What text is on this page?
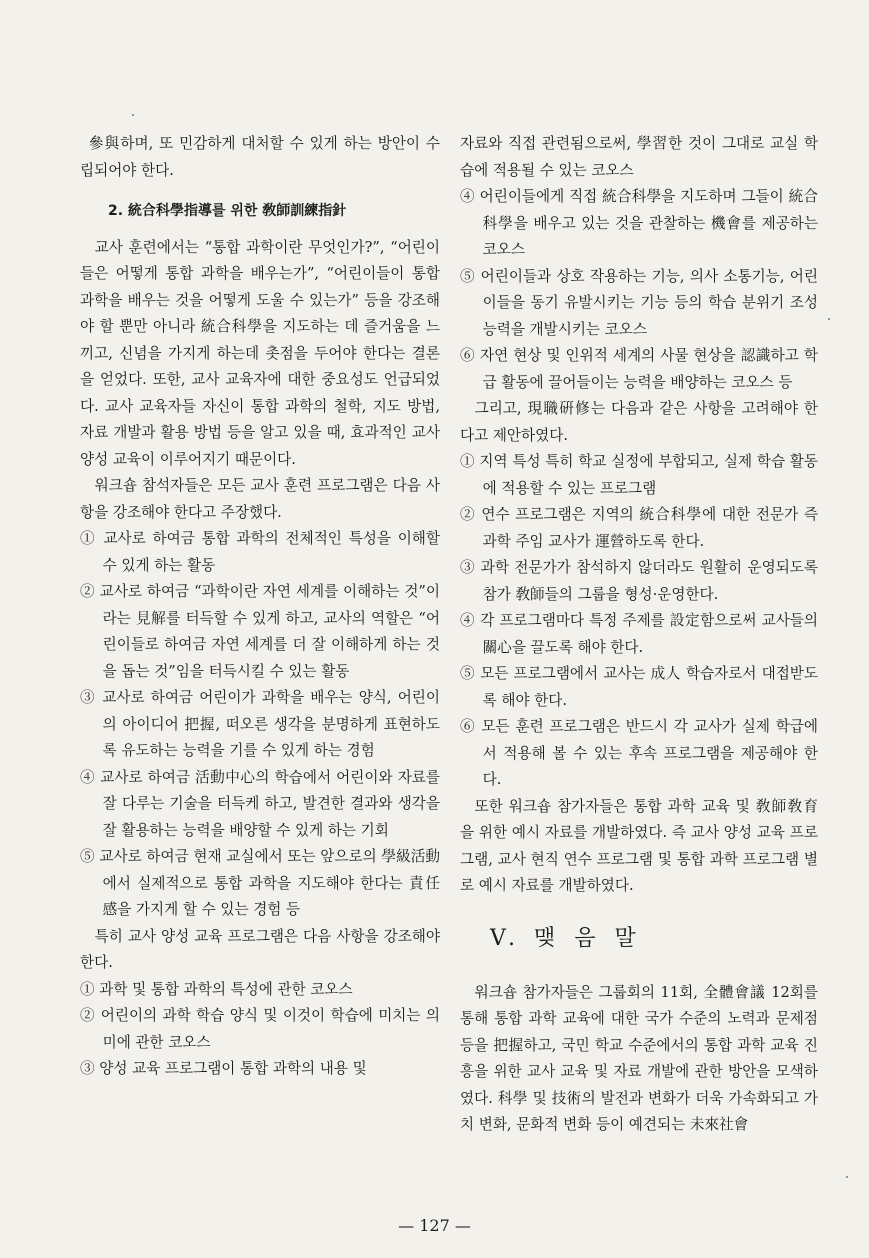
參與하며, 또 민감하게 대처할 수 있게 하는 방안이 수립되어야 한다.

2. 統合科學指導를 위한 敎師訓練指針

교사 훈련에서는 “통합 과학이란 무엇인가?”, “어린이들은 어떻게 통합 과학을 배우는가”, “어린이들이 통합 과학을 배우는 것을 어떻게 도울 수 있는가” 등을 강조해야 할 뿐만 아니라 統合科學을 지도하는 데 즐거움을 느끼고, 신념을 가지게 하는데 촛점을 두어야 한다는 결론을 얻었다. 또한, 교사 교육자에 대한 중요성도 언급되었다. 교사 교육자들 자신이 통합 과학의 철학, 지도 방법, 자료 개발과 활용 방법 등을 알고 있을 때, 효과적인 교사 양성 교육이 이루어지기 때문이다.

워크숍 참석자들은 모든 교사 훈련 프로그램은 다음 사항을 강조해야 한다고 주장했다.

① 교사로 하여금 통합 과학의 전체적인 특성을 이해할 수 있게 하는 활동
② 교사로 하여금 “과학이란 자연 세계를 이해하는 것”이라는 見解를 터득할 수 있게 하고, 교사의 역할은 “어린이들로 하여금 자연 세계를 더 잘 이해하게 하는 것을 돕는 것”임을 터득시킬 수 있는 활동
③ 교사로 하여금 어린이가 과학을 배우는 양식, 어린이의 아이디어 把握, 떠오른 생각을 분명하게 표현하도록 유도하는 능력을 기를 수 있게 하는 경험
④ 교사로 하여금 活動中心의 학습에서 어린이와 자료를 잘 다루는 기술을 터득케 하고, 발견한 결과와 생각을 잘 활용하는 능력을 배양할 수 있게 하는 기회
⑤ 교사로 하여금 현재 교실에서 또는 앞으로의 學級活動에서 실제적으로 통합 과학을 지도해야 한다는 責任感을 가지게 할 수 있는 경험 등

특히 교사 양성 교육 프로그램은 다음 사항을 강조해야 한다.

① 과학 및 통합 과학의 특성에 관한 코오스
② 어린이의 과학 학습 양식 및 이것이 학습에 미치는 의미에 관한 코오스
③ 양성 교육 프로그램이 통합 과학의 내용 및

자료와 직접 관련됨으로써, 學習한 것이 그대로 교실 학습에 적용될 수 있는 코오스

④ 어린이들에게 직접 統合科學을 지도하며 그들이 統合科學을 배우고 있는 것을 관찰하는 機會를 제공하는 코오스
⑤ 어린이들과 상호 작용하는 기능, 의사 소통기능, 어린이들을 동기 유발시키는 기능 등의 학습 분위기 조성 능력을 개발시키는 코오스
⑥ 자연 현상 및 인위적 세계의 사물 현상을 認識하고 학급 활동에 끌어들이는 능력을 배양하는 코오스 등

그리고, 現職硏修는 다음과 같은 사항을 고려해야 한다고 제안하였다.

① 지역 특성 특히 학교 실정에 부합되고, 실제 학습 활동에 적용할 수 있는 프로그램
② 연수 프로그램은 지역의 統合科學에 대한 전문가 즉 과학 주임 교사가 運營하도록 한다.
③ 과학 전문가가 참석하지 않더라도 원활히 운영되도록 참가 敎師들의 그룹을 형성·운영한다.
④ 각 프로그램마다 특정 주제를 設定함으로써 교사들의 關心을 끌도록 해야 한다.
⑤ 모든 프로그램에서 교사는 成人 학습자로서 대접받도록 해야 한다.
⑥ 모든 훈련 프로그램은 반드시 각 교사가 실제 학급에서 적용해 볼 수 있는 후속 프로그램을 제공해야 한다.

또한 워크숍 참가자들은 통합 과학 교육 및 敎師敎育을 위한 예시 자료를 개발하였다. 즉 교사 양성 교육 프로그램, 교사 현직 연수 프로그램 및 통합 과학 프로그램 별로 예시 자료를 개발하였다.

V. 맺 음 말

워크숍 참가자들은 그룹회의 11회, 全體會議 12회를 통해 통합 과학 교육에 대한 국가 수준의 노력과 문제점 등을 把握하고, 국민 학교 수준에서의 통합 과학 교육 진흥을 위한 교사 교육 및 자료 개발에 관한 방안을 모색하였다. 科學 및 技術의 발전과 변화가 더욱 가속화되고 가치 변화, 문화적 변화 등이 예견되는 未來社會

— 127 —
